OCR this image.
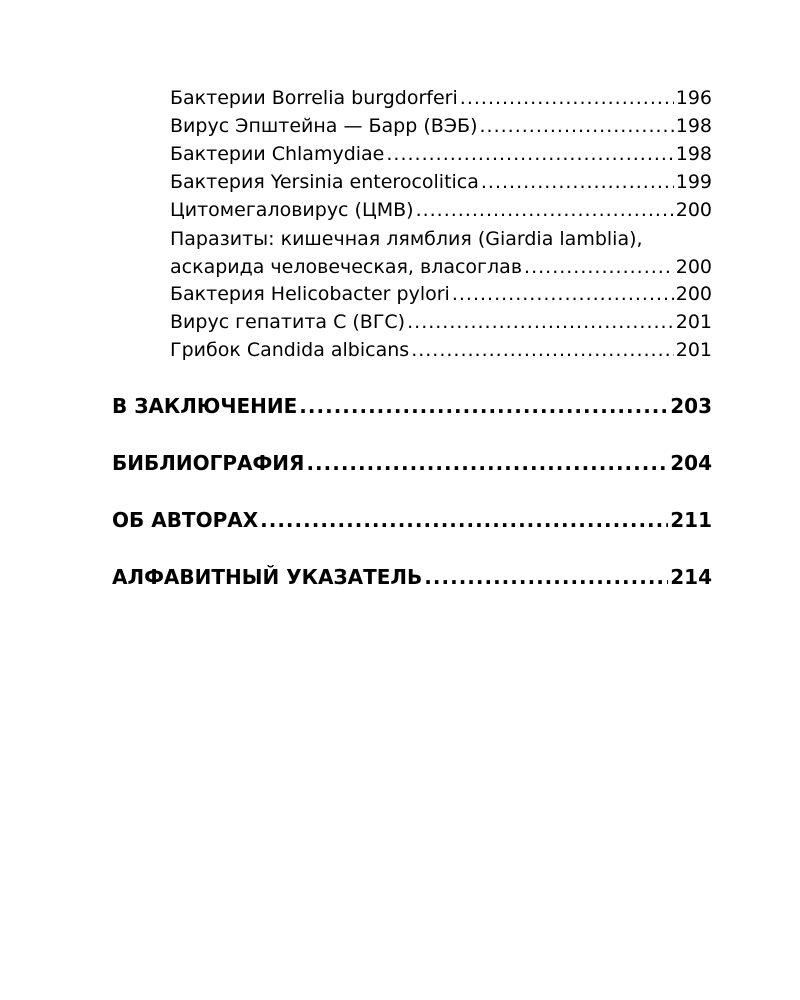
Бактерии Borrelia burgdorferi .....	196
Вирус Эпштейна — Барр (ВЭБ) .....	198
Бактерии Chlamydiae .....	198
Бактерия Yersinia enterocolitica .....	199
Цитомегаловирус (ЦМВ) .....	200
Паразиты: кишечная лямблия (Giardia lamblia),
аскарида человеческая, власоглав .....	200
Бактерия Helicobacter pylori .....	200
Вирус гепатита С (ВГС) .....	201
Грибок Candida albicans .....	201
В ЗАКЛЮЧЕНИЕ .....	203
БИБЛИОГРАФИЯ .....	204
ОБ АВТОРАХ .....	211
АЛФАВИТНЫЙ УКАЗАТЕЛЬ .....	214
